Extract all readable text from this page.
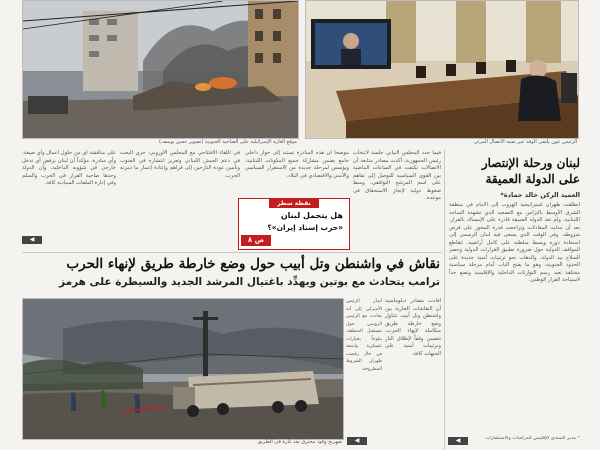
موقع الغارة الإسرائيلية على الضاحية الجنوبية (تصوير حسن يوسف)	الرئيس عون يلتقي الوفد عبر تقنية الاتصال المرئي
لبنان ورحلة الإنتصار
على الدولة العميقة
العميد الركن خالد حمادة*

انطلقت طهران استراتيجية الهروب إلى الأمام في منطقة الشرق الأوسط بالتزامن مع التصعيد الذي تشهده الساحة اللبنانية، ولم تعد الدولة العميقة قادرة على الإمساك بالقرار، بعد أن تبدلت المعادلات وتراجعت قدرة المحور على فرض شروطه. وفي الوقت الذي يسعى فيه لبنان الرسمي إلى استعادة دوره وبسط سلطته على كامل أراضيه، تتقاطع المواقف الدولية حول ضرورة تطبيق القرارات الدولية وحصر السلاح بيد الدولة، والذهاب نحو ترتيبات أمنية جديدة على الحدود الجنوبية، وهو ما يفتح الباب أمام مرحلة سياسية مختلفة تعيد رسم التوازنات الداخلية والإقليمية وتضع حداً لاستباحة القرار الوطني.

* مدير المنتدى الإقليمي للدراسات والاستشارات
◀

فيما حدد المجلس النيابي جلسة لانتخاب رئيس الجمهورية، أكدت مصادر متابعة أن الاتصالات تكثفت في الساعات الماضية بين القوى السياسية للتوصل إلى تفاهم على اسم المرشح التوافقي، وسط ضغوط دولية لإنجاز الاستحقاق في موعده.

موضحاً أن هذه المبادرة تستند إلى حوار داخلي جامع يضمن مشاركة جميع المكونات اللبنانية، ويؤسس لمرحلة جديدة من الاستقرار السياسي والأمني والاقتصادي في البلاد.

في اللقاء الافتتاحي مع المجلس الأوروبي، جرى البحث في دعم الجيش اللبناني وتعزيز انتشاره في الجنوب وتأمين عودة النازحين إلى قراهم وإعادة إعمار ما دمرته الحرب.

على مناقشة أي من حلول أعمال وأي صيغة، وأي مبادرة، مؤكداً أن لبنان يرفض أي تدخل خارجي في شؤونه الداخلية، وأن الدولة وحدها صاحبة القرار في الحرب والسلم وفي إدارة الملفات السيادية كافة.

◀
نقطة سطر
هل يتحمل لبنان
«حرب إسناد إيران»؟
ص ٨
نقاش في واشنطن وتل أبيب حول وضع خارطة طريق لإنهاء الحرب
ترامب يتحادث مع بوتين ويهدِّد باغتيال المرشد الجديد والسيطرة على هرمز
صهريج وقود محترق بعد غارة في الطريق

أفادت مصادر دبلوماسية أن النقاشات الجارية بين واشنطن وتل أبيب تتناول وضع خارطة طريق متكاملة لإنهاء الحرب، تتضمن وقفاً لإطلاق النار وترتيبات أمنية على الجبهات كافة.

أشار الرئيس الأميركي إلى أنه تحادث مع الرئيس الروسي حول مستقبل المنطقة، ملوحاً بخيارات عسكرية واسعة في حال رفضت طهران الشروط المطروحة.

◀
